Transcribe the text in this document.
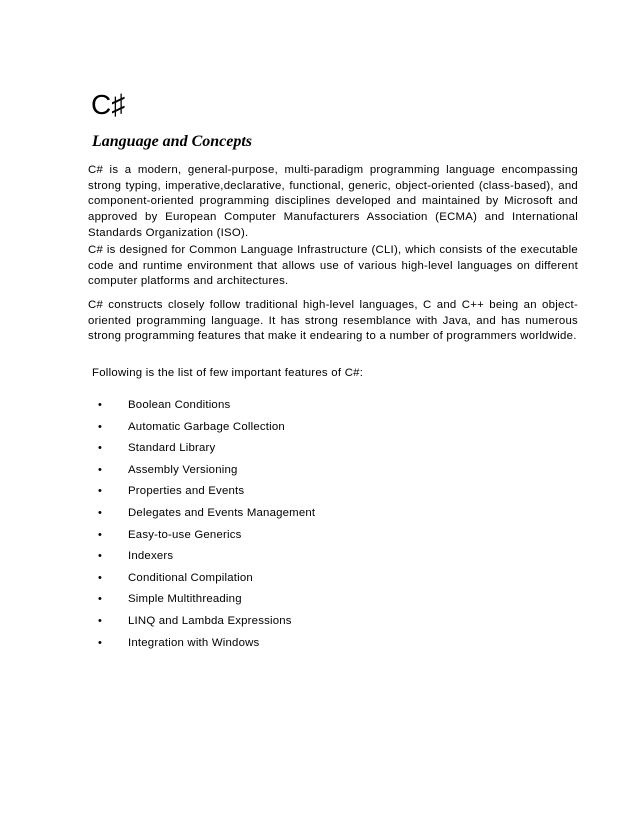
C♯
Language and Concepts

C# is a modern, general-purpose, multi-paradigm programming language encompassing strong typing, imperative,declarative, functional, generic, object-oriented (class-based), and component-oriented programming disciplines developed and maintained by Microsoft and approved by European Computer Manufacturers Association (ECMA) and International Standards Organization (ISO).

C# is designed for Common Language Infrastructure (CLI), which consists of the executable code and runtime environment that allows use of various high-level languages on different computer platforms and architectures.

C# constructs closely follow traditional high-level languages, C and C++ being an object-oriented programming language. It has strong resemblance with Java, and has numerous strong programming features that make it endearing to a number of programmers worldwide.

Following is the list of few important features of C#:

• Boolean Conditions
• Automatic Garbage Collection
• Standard Library
• Assembly Versioning
• Properties and Events
• Delegates and Events Management
• Easy-to-use Generics
• Indexers
• Conditional Compilation
• Simple Multithreading
• LINQ and Lambda Expressions
• Integration with Windows
